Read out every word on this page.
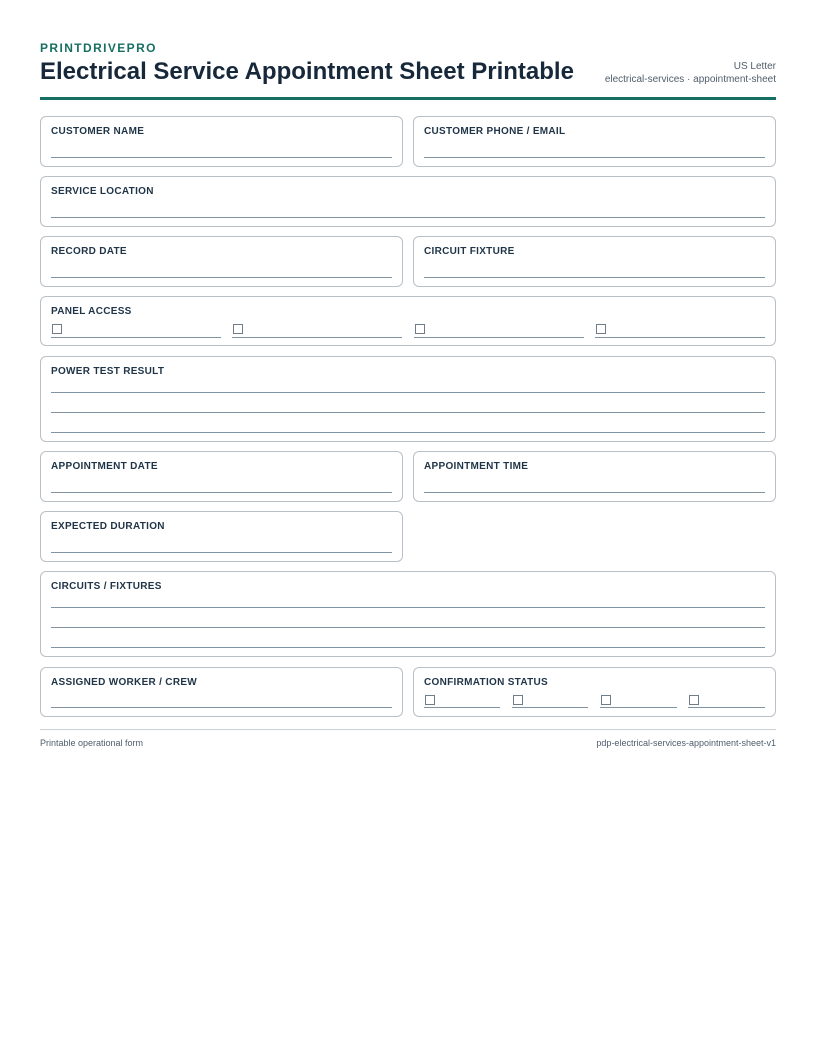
PRINTDRIVEPRO
Electrical Service Appointment Sheet Printable	US Letter
electrical-services · appointment-sheet
CUSTOMER NAME	CUSTOMER PHONE / EMAIL
SERVICE LOCATION
RECORD DATE	CIRCUIT FIXTURE
PANEL ACCESS
POWER TEST RESULT
APPOINTMENT DATE	APPOINTMENT TIME
EXPECTED DURATION
CIRCUITS / FIXTURES
ASSIGNED WORKER / CREW	CONFIRMATION STATUS
Printable operational form	pdp-electrical-services-appointment-sheet-v1
